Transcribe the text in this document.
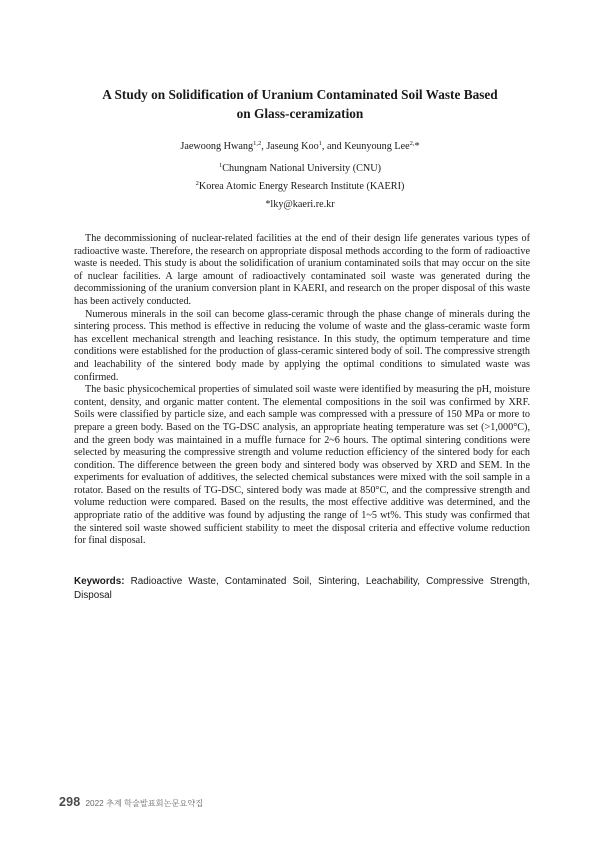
A Study on Solidification of Uranium Contaminated Soil Waste Based
on Glass-ceramization
Jaewoong Hwang$^{1,2}$, Jaseung Koo$^1$, and Keunyoung Lee$^{2,}$*
$^1$Chungnam National University (CNU)
$^2$Korea Atomic Energy Research Institute (KAERI)
*lky@kaeri.re.kr

The decommissioning of nuclear-related facilities at the end of their design life generates various types of radioactive waste. Therefore, the research on appropriate disposal methods according to the form of radioactive waste is needed. This study is about the solidification of uranium contaminated soils that may occur on the site of nuclear facilities. A large amount of radioactively contaminated soil waste was generated during the decommissioning of the uranium conversion plant in KAERI, and research on the proper disposal of this waste has been actively conducted.

Numerous minerals in the soil can become glass-ceramic through the phase change of minerals during the sintering process. This method is effective in reducing the volume of waste and the glass-ceramic waste form has excellent mechanical strength and leaching resistance. In this study, the optimum temperature and time conditions were established for the production of glass-ceramic sintered body of soil. The compressive strength and leachability of the sintered body made by applying the optimal conditions to simulated waste was confirmed.

The basic physicochemical properties of simulated soil waste were identified by measuring the pH, moisture content, density, and organic matter content. The elemental compositions in the soil was confirmed by XRF. Soils were classified by particle size, and each sample was compressed with a pressure of 150 MPa or more to prepare a green body. Based on the TG-DSC analysis, an appropriate heating temperature was set (>1,000°C), and the green body was maintained in a muffle furnace for 2~6 hours. The optimal sintering conditions were selected by measuring the compressive strength and volume reduction efficiency of the sintered body for each condition. The difference between the green body and sintered body was observed by XRD and SEM. In the experiments for evaluation of additives, the selected chemical substances were mixed with the soil sample in a rotator. Based on the results of TG-DSC, sintered body was made at 850°C, and the compressive strength and volume reduction were compared. Based on the results, the most effective additive was determined, and the appropriate ratio of the additive was found by adjusting the range of 1~5 wt%. This study was confirmed that the sintered soil waste showed sufficient stability to meet the disposal criteria and effective volume reduction for final disposal.

Keywords: Radioactive Waste, Contaminated Soil, Sintering, Leachability, Compressive Strength, Disposal
298 2022 추계 학술발표회논문요약집
